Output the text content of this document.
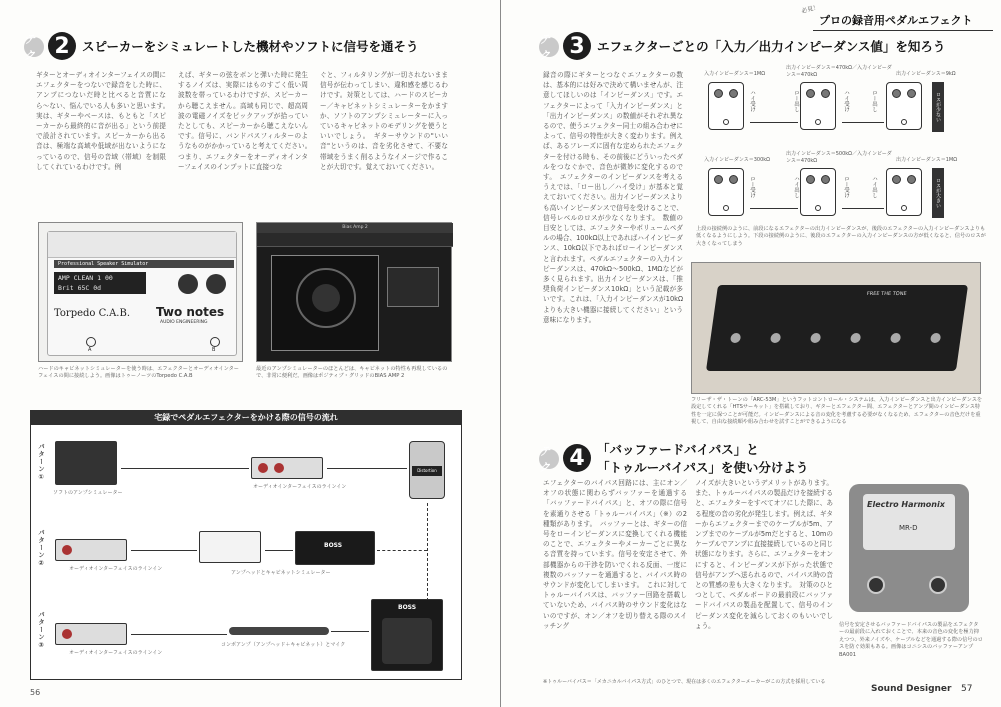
テク 2 スピーカーをシミュレートした機材やソフトに信号を通そう
ギターとオーディオインターフェイスの間にエフェクターをつないで録音をした時に、アンプにつないだ時と比べると音質になら〜ない、悩んでいる人も多いと思います。　実は、ギターやベースは、もともと「スピーカーから最終的に音が出る」という前提で設計されています。スピーカーから出る音は、極端な高域や低域が出ないようになっているので、信号の音域（帯域）を制限してくれているわけです。例
えば、ギターの弦をボンと弾いた時に発生するノイズは、実際にはものすごく低い周波数を帯っているわけですが、スピーカーから聴こえません。高域も同じで、超高周波の電磁ノイズをピックアップが拾っていたとしても、スピーカーから聴こえないんです。信号に、バンドパスフィルターのようなものがかかっていると考えてください。　つまり、エフェクターをオーディオインターフェイスのインプットに直接つな
ぐと、フィルタリングが一切されないまま信号が伝わってしまい、違和感を感じるわけです。対策としては、ハードのスピーカー／キャビネットシミュレーターをかますか、ソフトのアンプシミュレーターに入っているキャビネットのモデリングを使うといいでしょう。　ギターサウンドの"いい音"というのは、音を劣化させて、不要な帯域をうまく削るようなイメージで作ることが大切です。覚えておいてください。
Professional Speaker Simulator
AMP CLEAN 1 00
Brit 65C 0d
Torpedo C.A.B. Two notes
AUDIO ENGINEERING
A	B
Bias Amp 2
ハードのキャビネットシミュレーターを使う時は、エフェクターとオーディオインターフェイスの間に接続しよう。画像はトゥーノーツのTorpedo C.A.B
最近のアンプシミュレーターのほとんどは、キャビネットの特性も再現しているので、非常に便利だ。画像はポジティブ・グリッドのBIAS AMP 2
宅録でペダルエフェクターをかける際の信号の流れ
パターン①
パターン②
パターン③
ソフトのアンプシミュレーター
オーディオインターフェイスのラインイン
Distortion
オーディオインターフェイスのラインイン
BOSS
アンプヘッドとキャビネットシミュレーター
オーディオインターフェイスのラインイン
コンボアンプ（アンプヘッド＋キャビネット）とマイク
BOSS
56
必見！
プロの録音用ペダルエフェクト
テク 3 エフェクターごとの「入力／出力インピーダンス値」を知ろう
録音の際にギターとつなぐエフェクターの数は、基本的には好みで決めて構いませんが、注意してほしいのは「インピーダンス」です。エフェクターによって「入力インピーダンス」と「出力インピーダンス」の数値がそれぞれ異なるので、使うエフェクター同士の組み合わせによって、信号の特性が大きく変わります。例えば、あるフレーズに固有な定められたエフェクターを付ける時も、その前後にどういったペダルをつなぐかで、音色が微妙に変化するのです。　エフェクターのインピーダンスを考えるうえでは、「ロー出し／ハイ受け」が基本と覚えておいてください。出力インピーダンスよりも高いインピーダンスで信号を受けることで、信号レベルのロスが少なくなります。　数値の目安としては、エフェクターやボリュームペダルの場合、100kΩ以上であればハイインピーダンス、10kΩ以下であればローインピーダンスと言われます。ペダルエフェクターの入力インピーダンスは、470kΩ〜500kΩ、1MΩなどが多く見られます。出力インピーダンスは、「推奨負荷インピーダンス10kΩ」という記載が多いです。これは、「入力インピーダンスが10kΩよりも大きい機器に接続してください」という意味になります。
入力インピーダンス＝1MΩ
出力インピーダンス＝470kΩ／入力インピーダンス＝470kΩ	出力インピーダンス＝9kΩ
ハイ受け	ロー出し	ハイ受け	ロー出し	ロスが少ない
入力インピーダンス＝300kΩ
出力インピーダンス＝500kΩ／入力インピーダンス＝470kΩ	出力インピーダンス＝1MΩ
ロー受け	ハイ出し	ロー受け	ハイ出し	ロスが大きい
上段の接続例のように、前段になるエフェクターの出力インピーダンスが、後段のエフェクターの入力インピーダンスよりも低くなるようにしよう。下段の接続例のように、後段のエフェクターの入力インピーダンスの方が低くなると、信号のロスが大きくなってしまう
FREE THE TONE
フリーザ・ザ・トーンの「ARC-53M」というフットコントロール・システムは、入力インピーダンスと出力インピーダンスを設定してくれる「HTSサーキット」を搭載しており、ギターとエフェクター間、エフェクターとアンプ間のインピーダンス特性を一定に保つことが可能だ。インピーダンスによる音の変化を考慮する必要がなくなるため、エフェクターの音色だけを重視して、自由な接続順や組み合わせを試すことができるようになる
テク 4 「バッファードバイパス」と
「トゥルーバイパス」を使い分けよう
エフェクターのバイパス回路には、主にオン／オフの状態に関わらずバッファーを通過する「バッファードバイパス」と、オフの際に信号を素通りさせる「トゥルーバイパス」（※）の2種類があります。　バッファーとは、ギターの信号をローインピーダンスに変換してくれる機能のことで、エフェクターやメーカーごとに異なる音質を持っています。信号を安定させて、外部機器からの干渉を防いでくれる反面、一度に複数のバッファーを通過すると、バイパス時のサウンドが変化してしまいます。　これに対してトゥルーバイパスは、バッファー回路を搭載していないため、バイパス時のサウンド変化はないのですが、オン／オフを切り替える際のスイッチング
ノイズが大きいというデメリットがあります。また、トゥルーバイパスの製品だけを接続すると、エフェクターをすべてオフにした際に、ある程度の音の劣化が発生します。例えば、ギターからエフェクターまでのケーブルが5m、アンプまでのケーブルが5mだとすると、10mのケーブルでアンプに直接接続しているのと同じ状態になります。さらに、エフェクターをオンにすると、インピーダンスが下がった状態で信号がアンプへ送られるので、バイパス時の音との質感の差も大きくなります。　対策のひとつとして、ペダルボードの最前段にバッファードバイパスの製品を配置して、信号のインピーダンス変化を減らしておくのもいいでしょう。
Electro Harmonix
MR-D
信号を安定させるバッファードバイパスの製品をエフェクターの最前段に入れておくことで、本来の音色の変化を極力抑えつつ、外来ノイズや、ケーブルなどを通過する際の信号のロスを防ぐ効果もある。画像はコニシスのバッファーアンプBA001
※トゥルーバイパス＝「メカニカルバイパス方式」のひとつで、現在は多くのエフェクターメーカーがこの方式を採用している
Sound Designer 57
